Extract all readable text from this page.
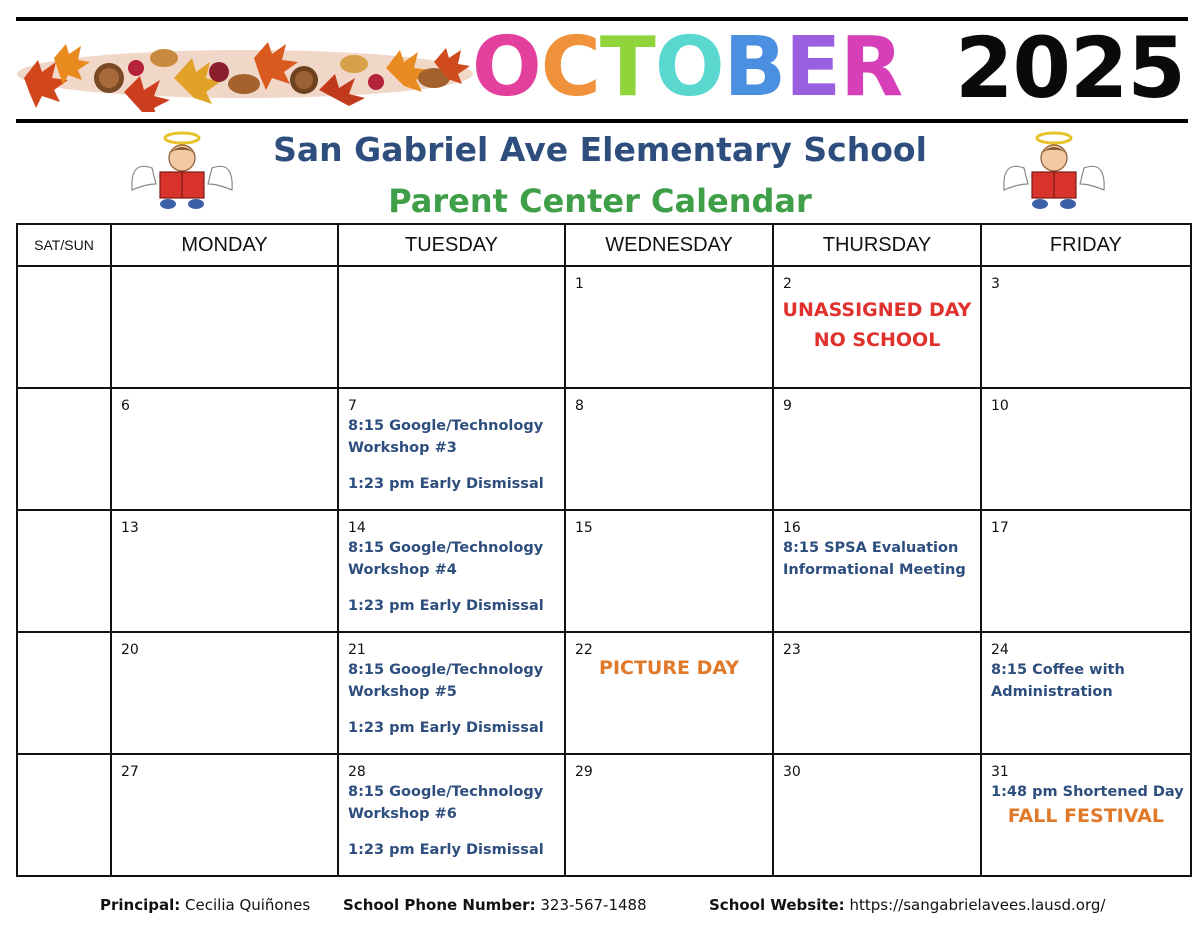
OCTOBER 2025
San Gabriel Ave Elementary School
Parent Center Calendar
SAT/SUN	MONDAY	TUESDAY	WEDNESDAY	THURSDAY	FRIDAY

			1	2
UNASSIGNED DAY
NO SCHOOL	3

	6	7
8:15 Google/Technology
Workshop #3
1:23 pm Early Dismissal	8	9	10

	13	14
8:15 Google/Technology
Workshop #4
1:23 pm Early Dismissal	15	16
8:15 SPSA Evaluation
Informational Meeting	17

	20	21
8:15 Google/Technology
Workshop #5
1:23 pm Early Dismissal	22
PICTURE DAY	23	24
8:15 Coffee with
Administration

	27	28
8:15 Google/Technology
Workshop #6
1:23 pm Early Dismissal	29	30	31
1:48 pm Shortened Day
FALL FESTIVAL
Principal: Cecilia Quiñones School Phone Number: 323-567-1488	School Website: https://sangabrielavees.lausd.org/
